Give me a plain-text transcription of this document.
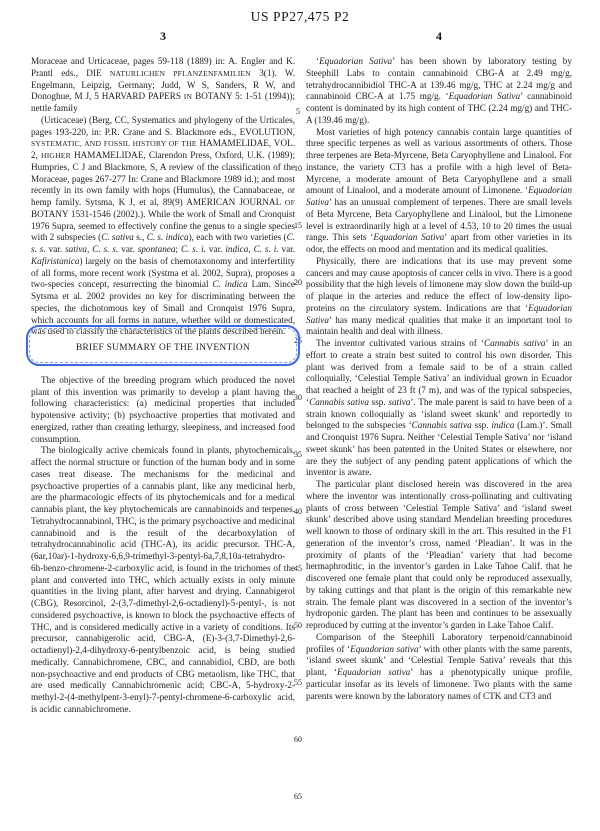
US PP27,475 P2
3	4
5
10
15
20
25
30
35
40
45
50
55
60
65

Moraceae and Urticaceae, pages 59-118 (1889) in: A. Engler and K. Prantl eds., DIE NATURLICHEN PFLANZENFAMILIEN 3(1). W. Engelmann, Leipzig, Germany; Judd, W S, Sanders, R W, and Donoghue, M J, 5 HARVARD PAPERS IN BOTANY 5: 1-51 (1994)); nettle family

(Urticaceae) (Berg, CC, Systematics and phylogeny of the Urticales, pages 193-220, in: P.R. Crane and S. Blackmore eds., EVOLUTION, SYSTEMATIC, AND FOSSIL HISTORY OF THE HAMAMELIDAE, VOL. 2, HIGHER HAMAMELIDAE, Clarendon Press, Oxford, U.K. (1989); Humpries, C J and Blackmore, S, A review of the classification of the Moraceae, pages 267-277 In: Crane and Blackmore 1989 id.); and most recently in its own family with hops (Humulus), the Cannabaceae, or hemp family. Sytsma, K J, et al, 89(9) AMERICAN JOURNAL OF BOTANY 1531-1546 (2002).). While the work of Small and Cronquist 1976 Supra, seemed to effectively confine the genus to a single species with 2 subspecies (C. sativa s., C. s. indica), each with two varieties (C. s. s. var. sativa, C. s. s. var. spontanea; C. s. i. var. indica, C. s. i. var. Kafiristanica) largely on the basis of chemotaxonomy and interfertility of all forms, more recent work (Systma et al. 2002, Supra), proposes a two-species concept, resurrecting the binomial C. indica Lam. Since Sytsma et al. 2002 provides no key for discriminating between the species, the dichotomous key of Small and Cronquist 1976 Supra, which accounts for all forms in nature, whether wild or domesticated, was used to classify the characteristics of the plants described herein.

BRIEF SUMMARY OF THE INVENTION

The objective of the breeding program which produced the novel plant of this invention was primarily to develop a plant having the following characteristics: (a) medicinal properties that included hypotensive activity; (b) psychoactive properties that motivated and energized, rather than creating lethargy, sleepiness, and increased food consumption.

The biologically active chemicals found in plants, phytochemicals, affect the normal structure or function of the human body and in some cases treat disease. The mechanisms for the medicinal and psychoactive properties of a cannabis plant, like any medicinal herb, are the pharmacologic effects of its phytochemicals and for a medical cannabis plant, the key phytochemicals are cannabinoids and terpenes. Tetrahydrocannabinol, THC, is the primary psychoactive and medicinal cannabinoid and is the result of the decarboxylation of tetrahydrocannabinolic acid (THC-A), its acidic precursor. THC-A, (6ar,10ar)-1-hydroxy-6,6,9-trimethyl-3-pentyl-6a,7,8,10a-tetrahydro-6h-benzo-chromene-2-carboxylic acid, is found in the trichomes of the plant and converted into THC, which actually exists in only minute quantities in the living plant, after harvest and drying. Cannabigerol (CBG), Resorcinol, 2-(3,7-dimethyl-2,6-octadienyl)-5-pentyl-, is not considered psychoactive, is known to block the psychoactive effects of THC, and is considered medically active in a variety of conditions. Its precursor, cannabigerolic acid, CBG-A, (E)-3-(3,7-Dimethyl-2,6-octadienyl)-2,4-dihydroxy-6-pentylbenzoic acid, is being studied medically. Cannabichromene, CBC, and cannabidiol, CBD, are both non-psychoactive and end products of CBG metaolism, like THC, that are used medically Cannabichromenic acid; CBC-A, 5-hydroxy-2-methyl-2-(4-methylpent-3-enyl)-7-pentyl-chromene-6-carboxylic acid, is acidic cannabichromene.

‘Equadorian Sativa’ has been shown by laboratory testing by Steephill Labs to contain cannabinoid CBG-A at 2.49 mg/g, tetrahydrocannibidiol THC-A at 139.46 mg/g, THC at 2.24 mg/g and cannabinoid CBC-A at 1.75 mg/g. ‘Equadorian Sativa’ cannabinoid content is dominated by its high content of THC (2.24 mg/g) and THC-A (139.46 mg/g).

Most varieties of high potency cannabis contain large quantities of three specific terpenes as well as various assortments of others. Those three terpenes are Beta-Myrcene, Beta Caryophyllene and Linalool. For instance, the variety CT3 has a profile with a high level of Beta-Myrcene, a moderate amount of Beta Caryophyllene and a small amount of Linalool, and a moderate amount of Limonene. ‘Equadorian Sativa’ has an unusual complement of terpenes. There are small levels of Beta Myrcene, Beta Caryophyllene and Linalool, but the Limonene level is extraordinarily high at a level of 4.53, 10 to 20 times the usual range. This sets ‘Equadorian Sativa’ apart from other varieties in its odor, the effects on mood and mentation and its medical qualities.

Physically, there are indications that its use may prevent some cancers and may cause apoptosis of cancer cells in vivo. There is a good possibility that the high levels of limonene may slow down the build-up of plaque in the arteries and reduce the effect of low-density lipo-proteins on the circulatory system. Indications are that ‘Equadorian Sativa’ has many medical qualities that make it an important tool to maintain health and deal with illness.

The inventor cultivated various strains of ‘Cannabis sativa’ in an effort to create a strain best suited to control his own disorder. This plant was derived from a female said to be of a strain called colloquially, ‘Celestial Temple Sativa’ an individual grown in Ecuador that reached a height of 23 ft (7 m), and was of the typical subspecies, ‘Cannabis sativa ssp. sativa’. The male parent is said to have been of a strain known colloquially as ‘island sweet skunk’ and reportedly to belonged to the subspecies ‘Cannabis sativa ssp. indica (Lam.)’. Small and Cronquist 1976 Supra. Neither ‘Celestial Temple Sativa’ nor ‘island sweet skunk’ has been patented in the United States or elsewhere, nor are they the subject of any pending patent applications of which the inventor is aware.

The particular plant disclosed herein was discovered in the area where the inventor was intentionally cross-pollinating and cultivating plants of cross between ‘Celestial Temple Sativa’ and ‘island sweet skunk’ described above using standard Mendelian breeding procedures well known to those of ordinary skill in the art. This resulted in the F1 generation of the inventor’s cross, named ‘Pleadian’. It was in the proximity of plants of the ‘Pleadian’ variety that had become hermaphroditic, in the inventor’s garden in Lake Tahoe Calif. that he discovered one female plant that could only be reproduced assexually, by taking cuttings and that plant is the origin of this remarkable new strain. The female plant was discovered in a section of the inventor’s hydroponic garden. The plant has been and continues to be assexually reproduced by cutting at the inventor’s garden in Lake Tahoe Calif.

Comparison of the Steephill Laboratory terpenoid/cannabinoid profiles of ‘Equadorian sativa’ with other plants with the same parents, ‘island sweet skunk’ and ‘Celestial Temple Sativa’ reveals that this plant, ‘Equadorian sativa’ has a phenotypically unique profile, particular insofar as its levels of limonene. Two plants with the same parents were known by the laboratory names of CTK and CT3 and
